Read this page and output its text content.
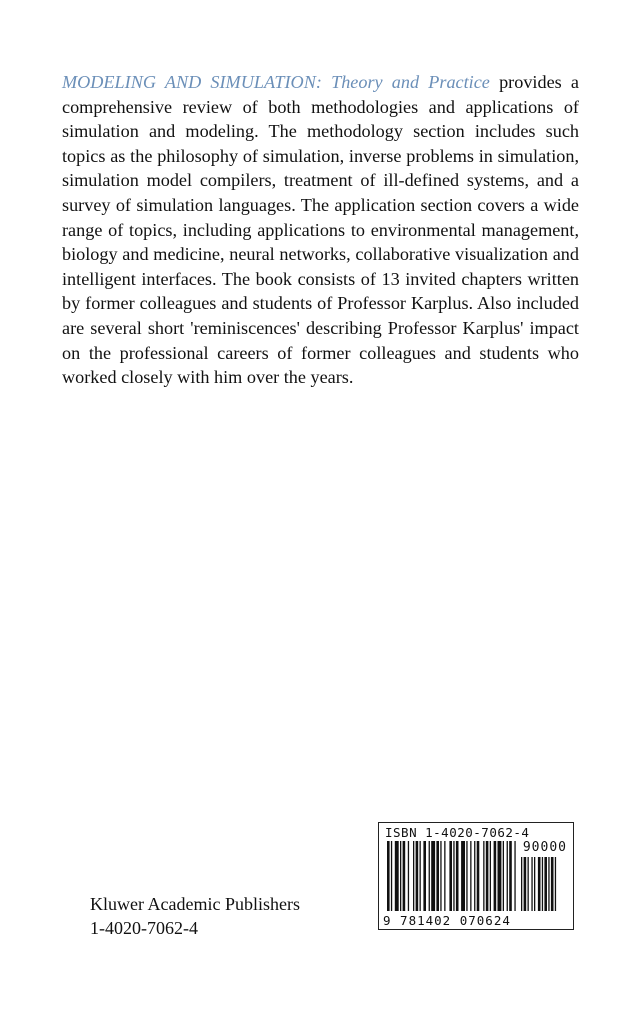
MODELING AND SIMULATION: Theory and Practice provides a comprehensive review of both methodologies and applications of simulation and modeling. The methodology section includes such topics as the philosophy of simulation, inverse problems in simulation, simulation model compilers, treatment of ill-defined systems, and a survey of simulation languages. The application section covers a wide range of topics, including applications to environmental management, biology and medicine, neural networks, collaborative visualization and intelligent interfaces. The book consists of 13 invited chapters written by former colleagues and students of Professor Karplus. Also included are several short 'reminiscences' describing Professor Karplus' impact on the professional careers of former colleagues and students who worked closely with him over the years.
ISBN 1-4020-7062-4
90000
9 781402 070624
Kluwer Academic Publishers
1-4020-7062-4
